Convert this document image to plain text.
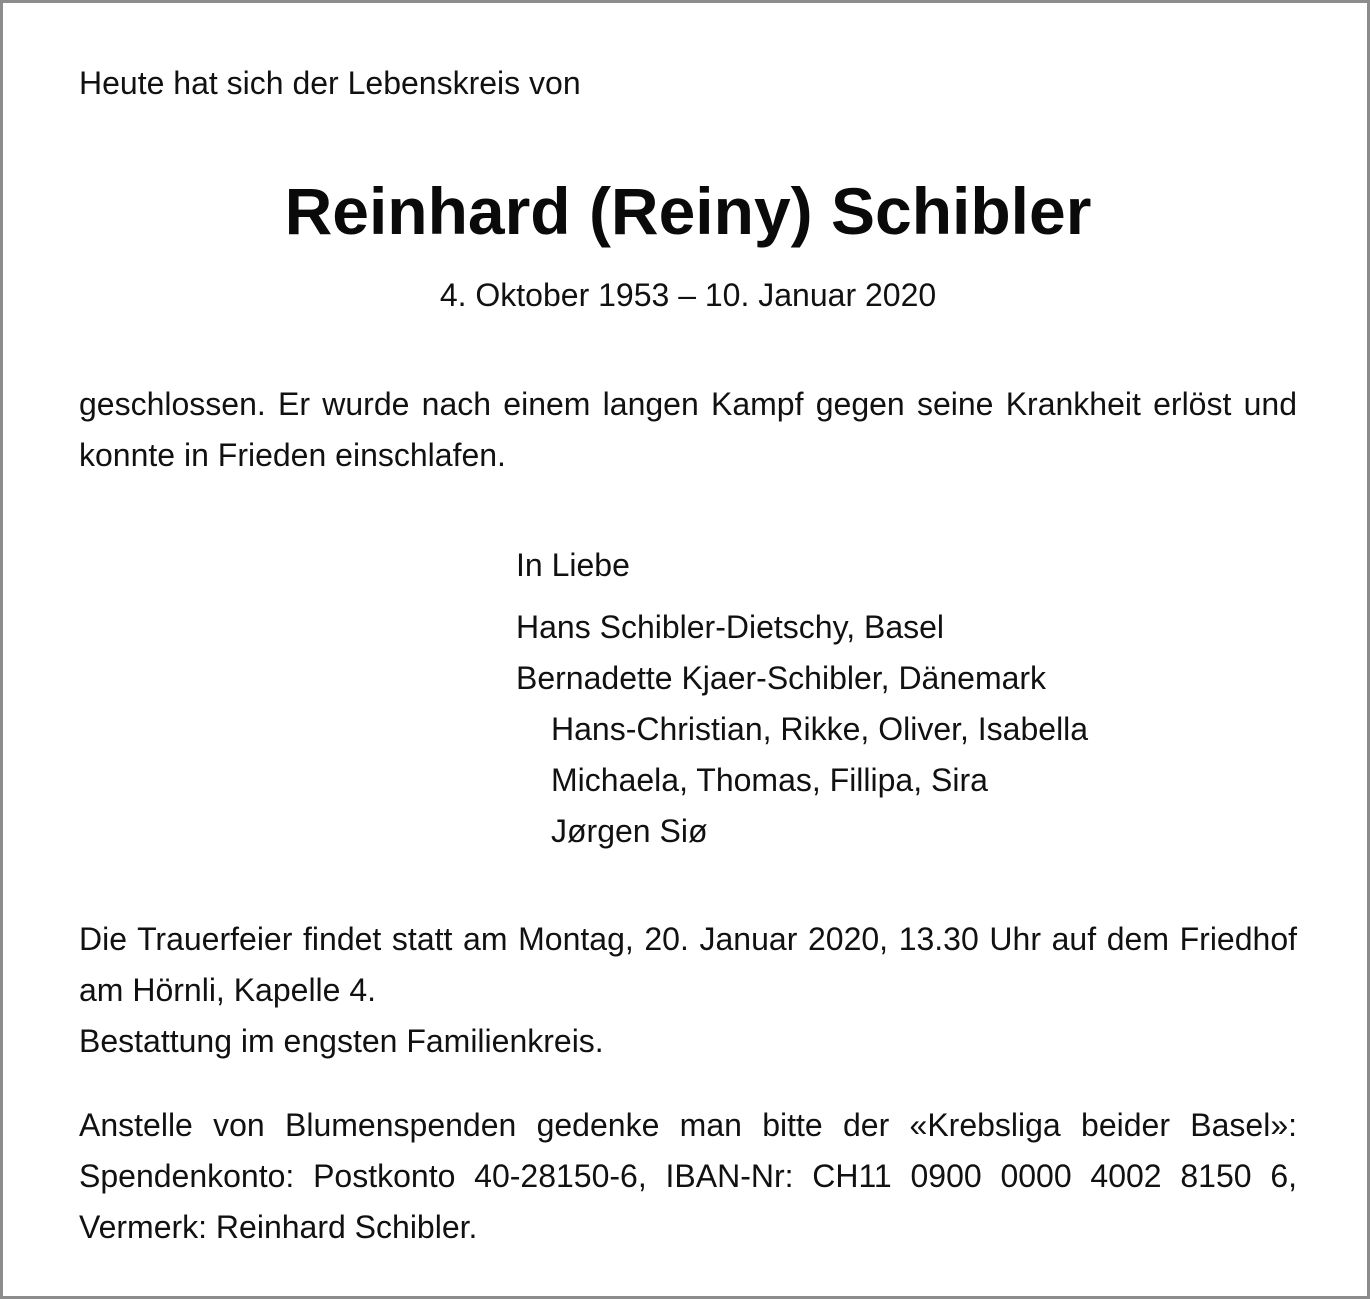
Heute hat sich der Lebenskreis von

Reinhard (Reiny) Schibler

4. Oktober 1953 – 10. Januar 2020

geschlossen. Er wurde nach einem langen Kampf gegen seine Krankheit erlöst und konnte in Frieden einschlafen.

In Liebe

Hans Schibler-Dietschy, Basel
Bernadette Kjaer-Schibler, Dänemark
Hans-Christian, Rikke, Oliver, Isabella
Michaela, Thomas, Fillipa, Sira
Jørgen Siø
Die Trauerfeier findet statt am Montag, 20. Januar 2020, 13.30 Uhr auf dem Friedhof am Hörnli, Kapelle 4.
Bestattung im engsten Familienkreis.

Anstelle von Blumenspenden gedenke man bitte der «Krebsliga beider Basel»: Spendenkonto: Postkonto 40-28150-6, IBAN-Nr: CH11 0900 0000 4002 8150 6, Vermerk: Reinhard Schibler.
